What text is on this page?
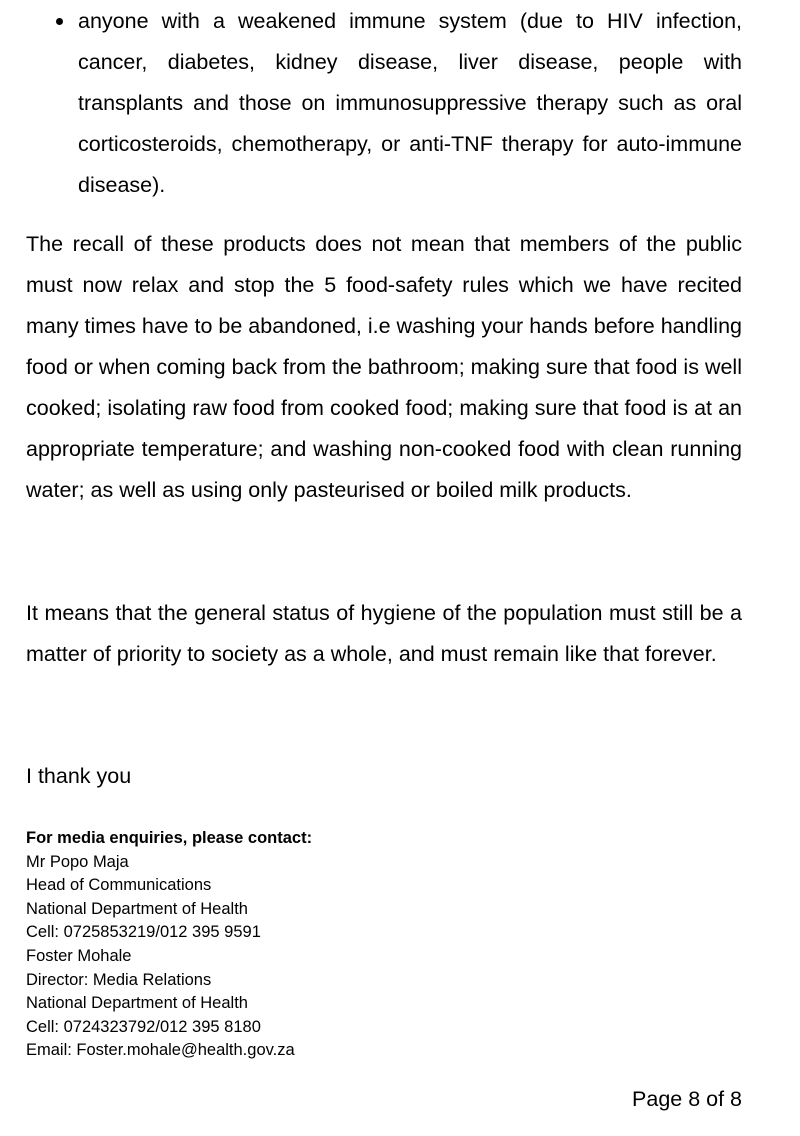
anyone with a weakened immune system (due to HIV infection, cancer, diabetes, kidney disease, liver disease, people with transplants and those on immunosuppressive therapy such as oral corticosteroids, chemotherapy, or anti-TNF therapy for auto-immune disease).

The recall of these products does not mean that members of the public must now relax and stop the 5 food-safety rules which we have recited many times have to be abandoned, i.e washing your hands before handling food or when coming back from the bathroom; making sure that food is well cooked; isolating raw food from cooked food; making sure that food is at an appropriate temperature; and washing non-cooked food with clean running water; as well as using only pasteurised or boiled milk products.

It means that the general status of hygiene of the population must still be a matter of priority to society as a whole, and must remain like that forever.

I thank you

For media enquiries, please contact:
Mr Popo Maja
Head of Communications
National Department of Health
Cell: 0725853219/012 395 9591
Foster Mohale
Director: Media Relations
National Department of Health
Cell: 0724323792/012 395 8180
Email: Foster.mohale@health.gov.za
Page 8 of 8
